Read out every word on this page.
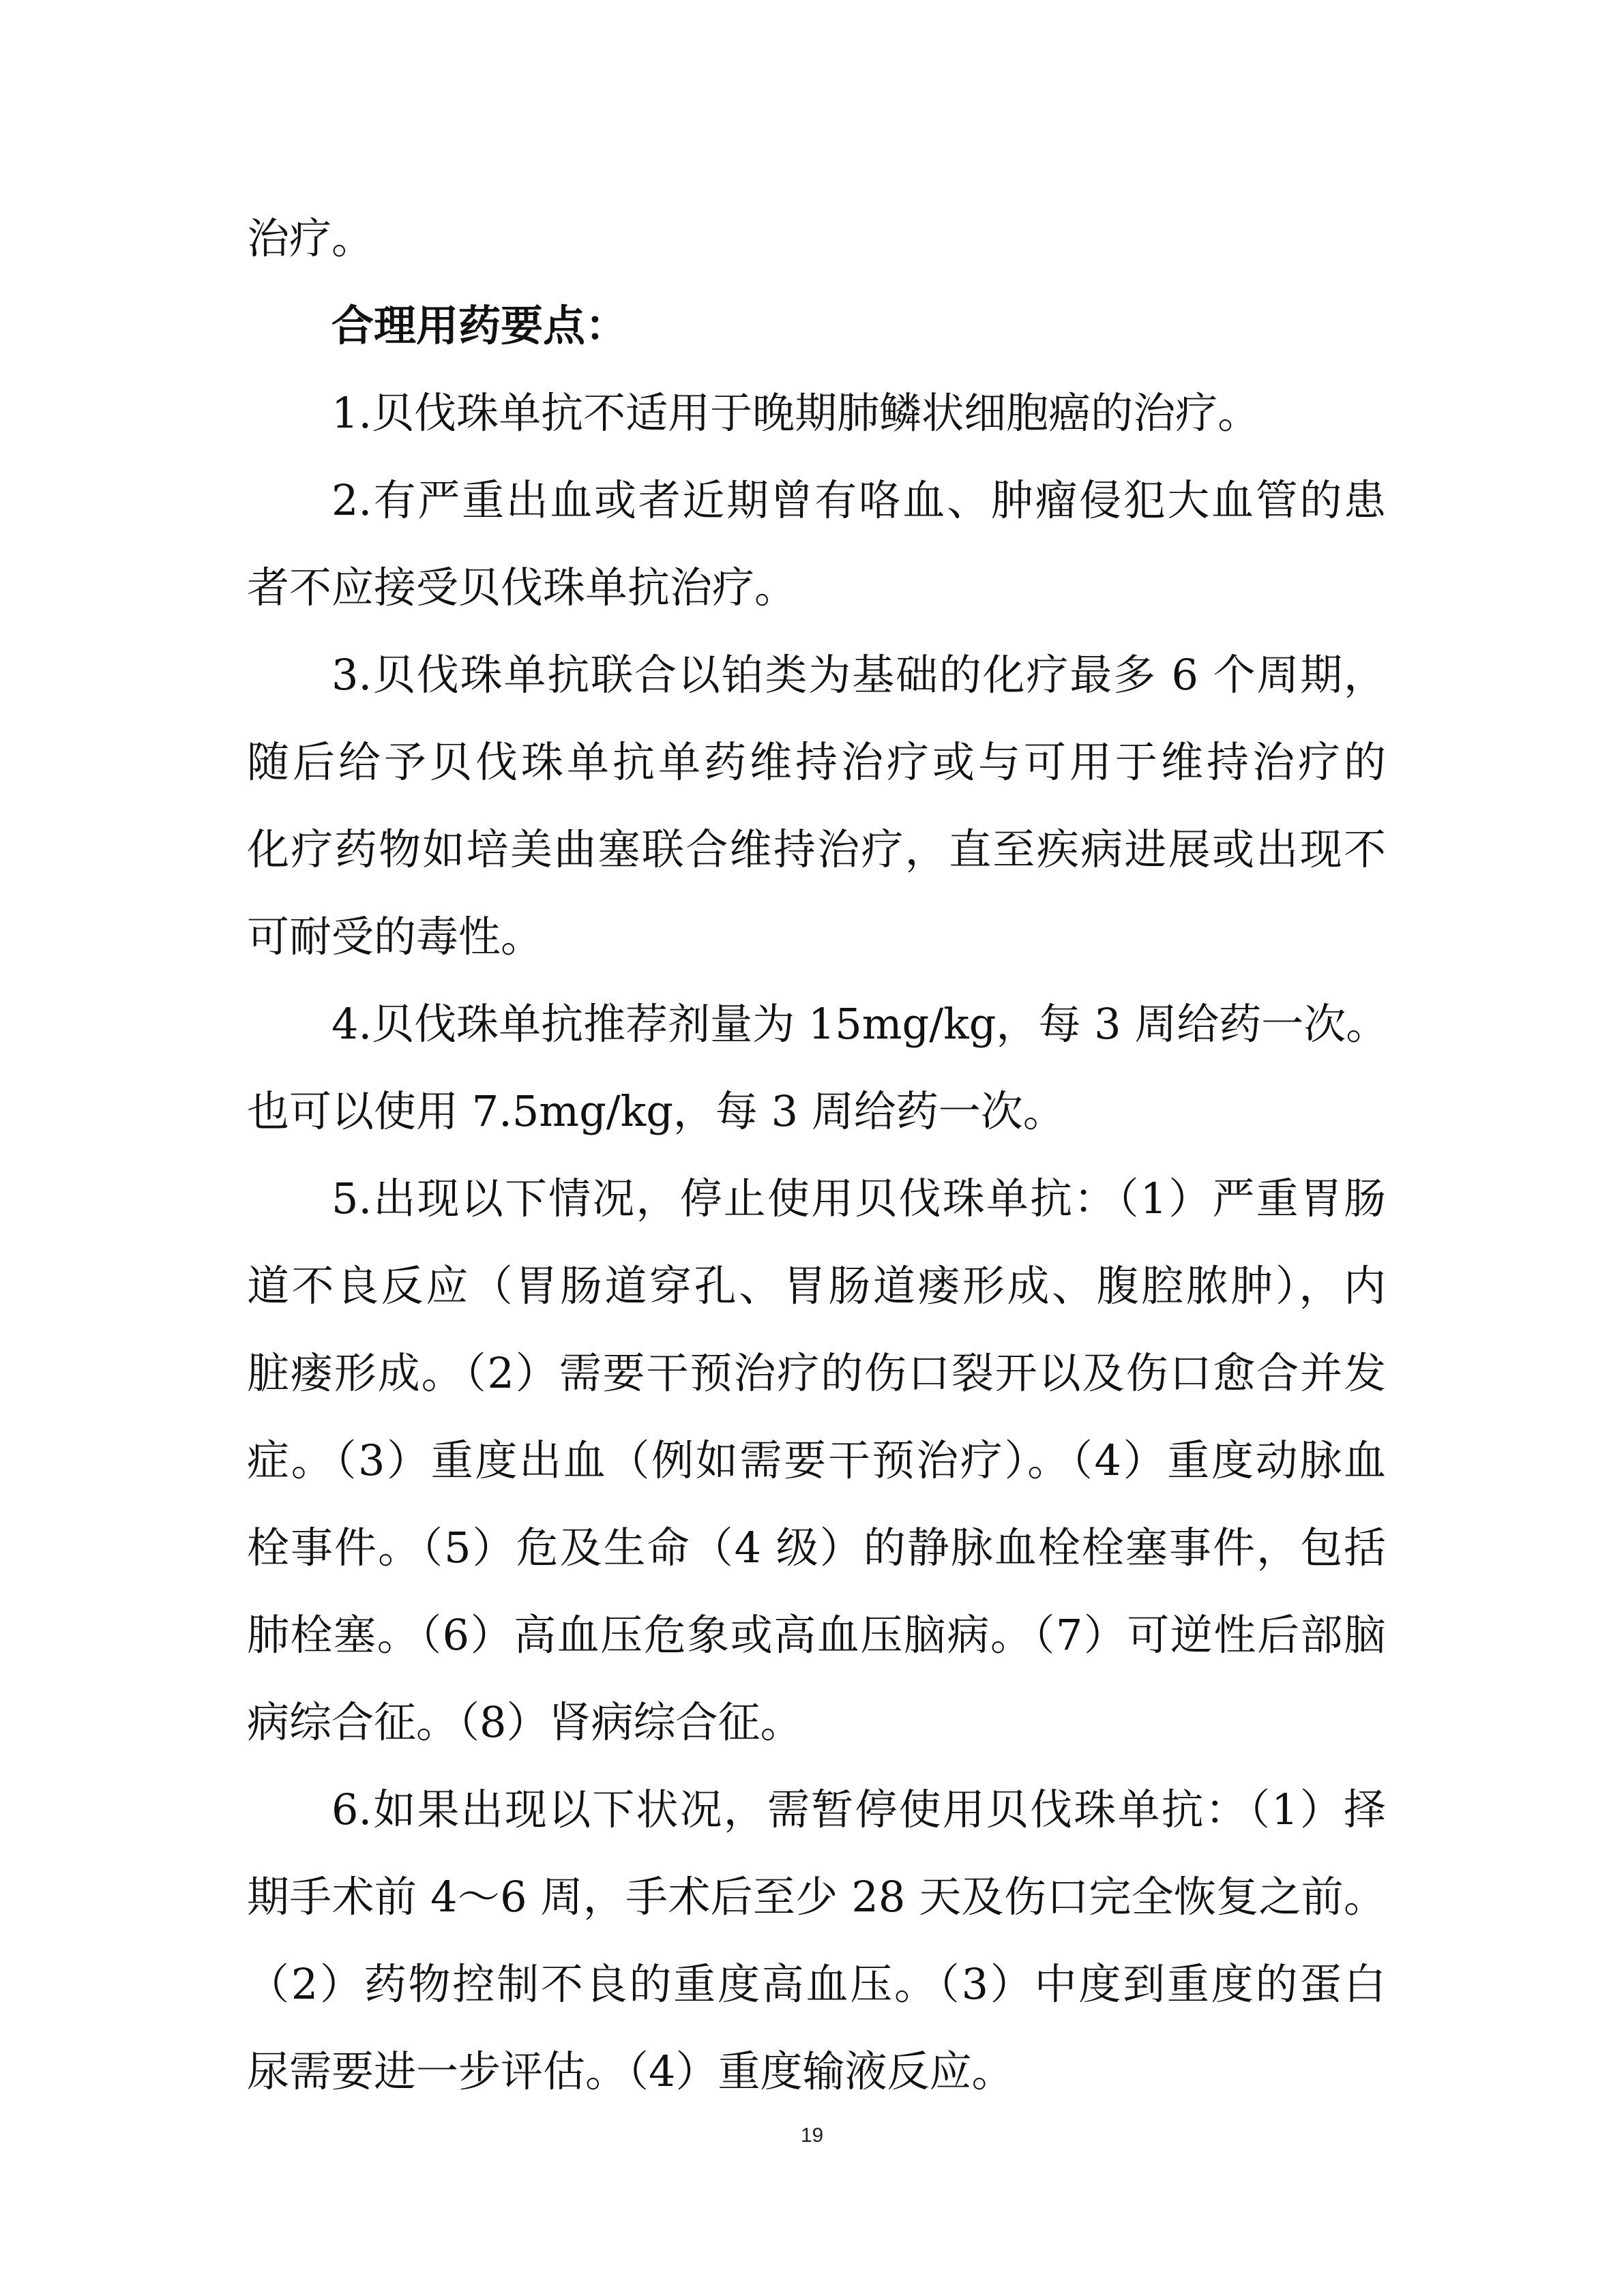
治疗。

合理用药要点：

1.贝伐珠单抗不适用于晚期肺鳞状细胞癌的治疗。

2.有严重出血或者近期曾有咯血、肿瘤侵犯大血管的患

者不应接受贝伐珠单抗治疗。

3.贝伐珠单抗联合以铂类为基础的化疗最多 6 个周期，

随后给予贝伐珠单抗单药维持治疗或与可用于维持治疗的

化疗药物如培美曲塞联合维持治疗，直至疾病进展或出现不

可耐受的毒性。

4.贝伐珠单抗推荐剂量为 15mg/kg，每 3 周给药一次。

也可以使用 7.5mg/kg，每 3 周给药一次。

5.出现以下情况，停止使用贝伐珠单抗：（1）严重胃肠

道不良反应（胃肠道穿孔、胃肠道瘘形成、腹腔脓肿），内

脏瘘形成。（2）需要干预治疗的伤口裂开以及伤口愈合并发

症。（3）重度出血（例如需要干预治疗）。（4）重度动脉血

栓事件。（5）危及生命（4 级）的静脉血栓栓塞事件，包括

肺栓塞。（6）高血压危象或高血压脑病。（7）可逆性后部脑

病综合征。（8）肾病综合征。

6.如果出现以下状况，需暂停使用贝伐珠单抗：（1）择

期手术前 4～6 周，手术后至少 28 天及伤口完全恢复之前。

（2）药物控制不良的重度高血压。（3）中度到重度的蛋白

尿需要进一步评估。（4）重度输液反应。

19
